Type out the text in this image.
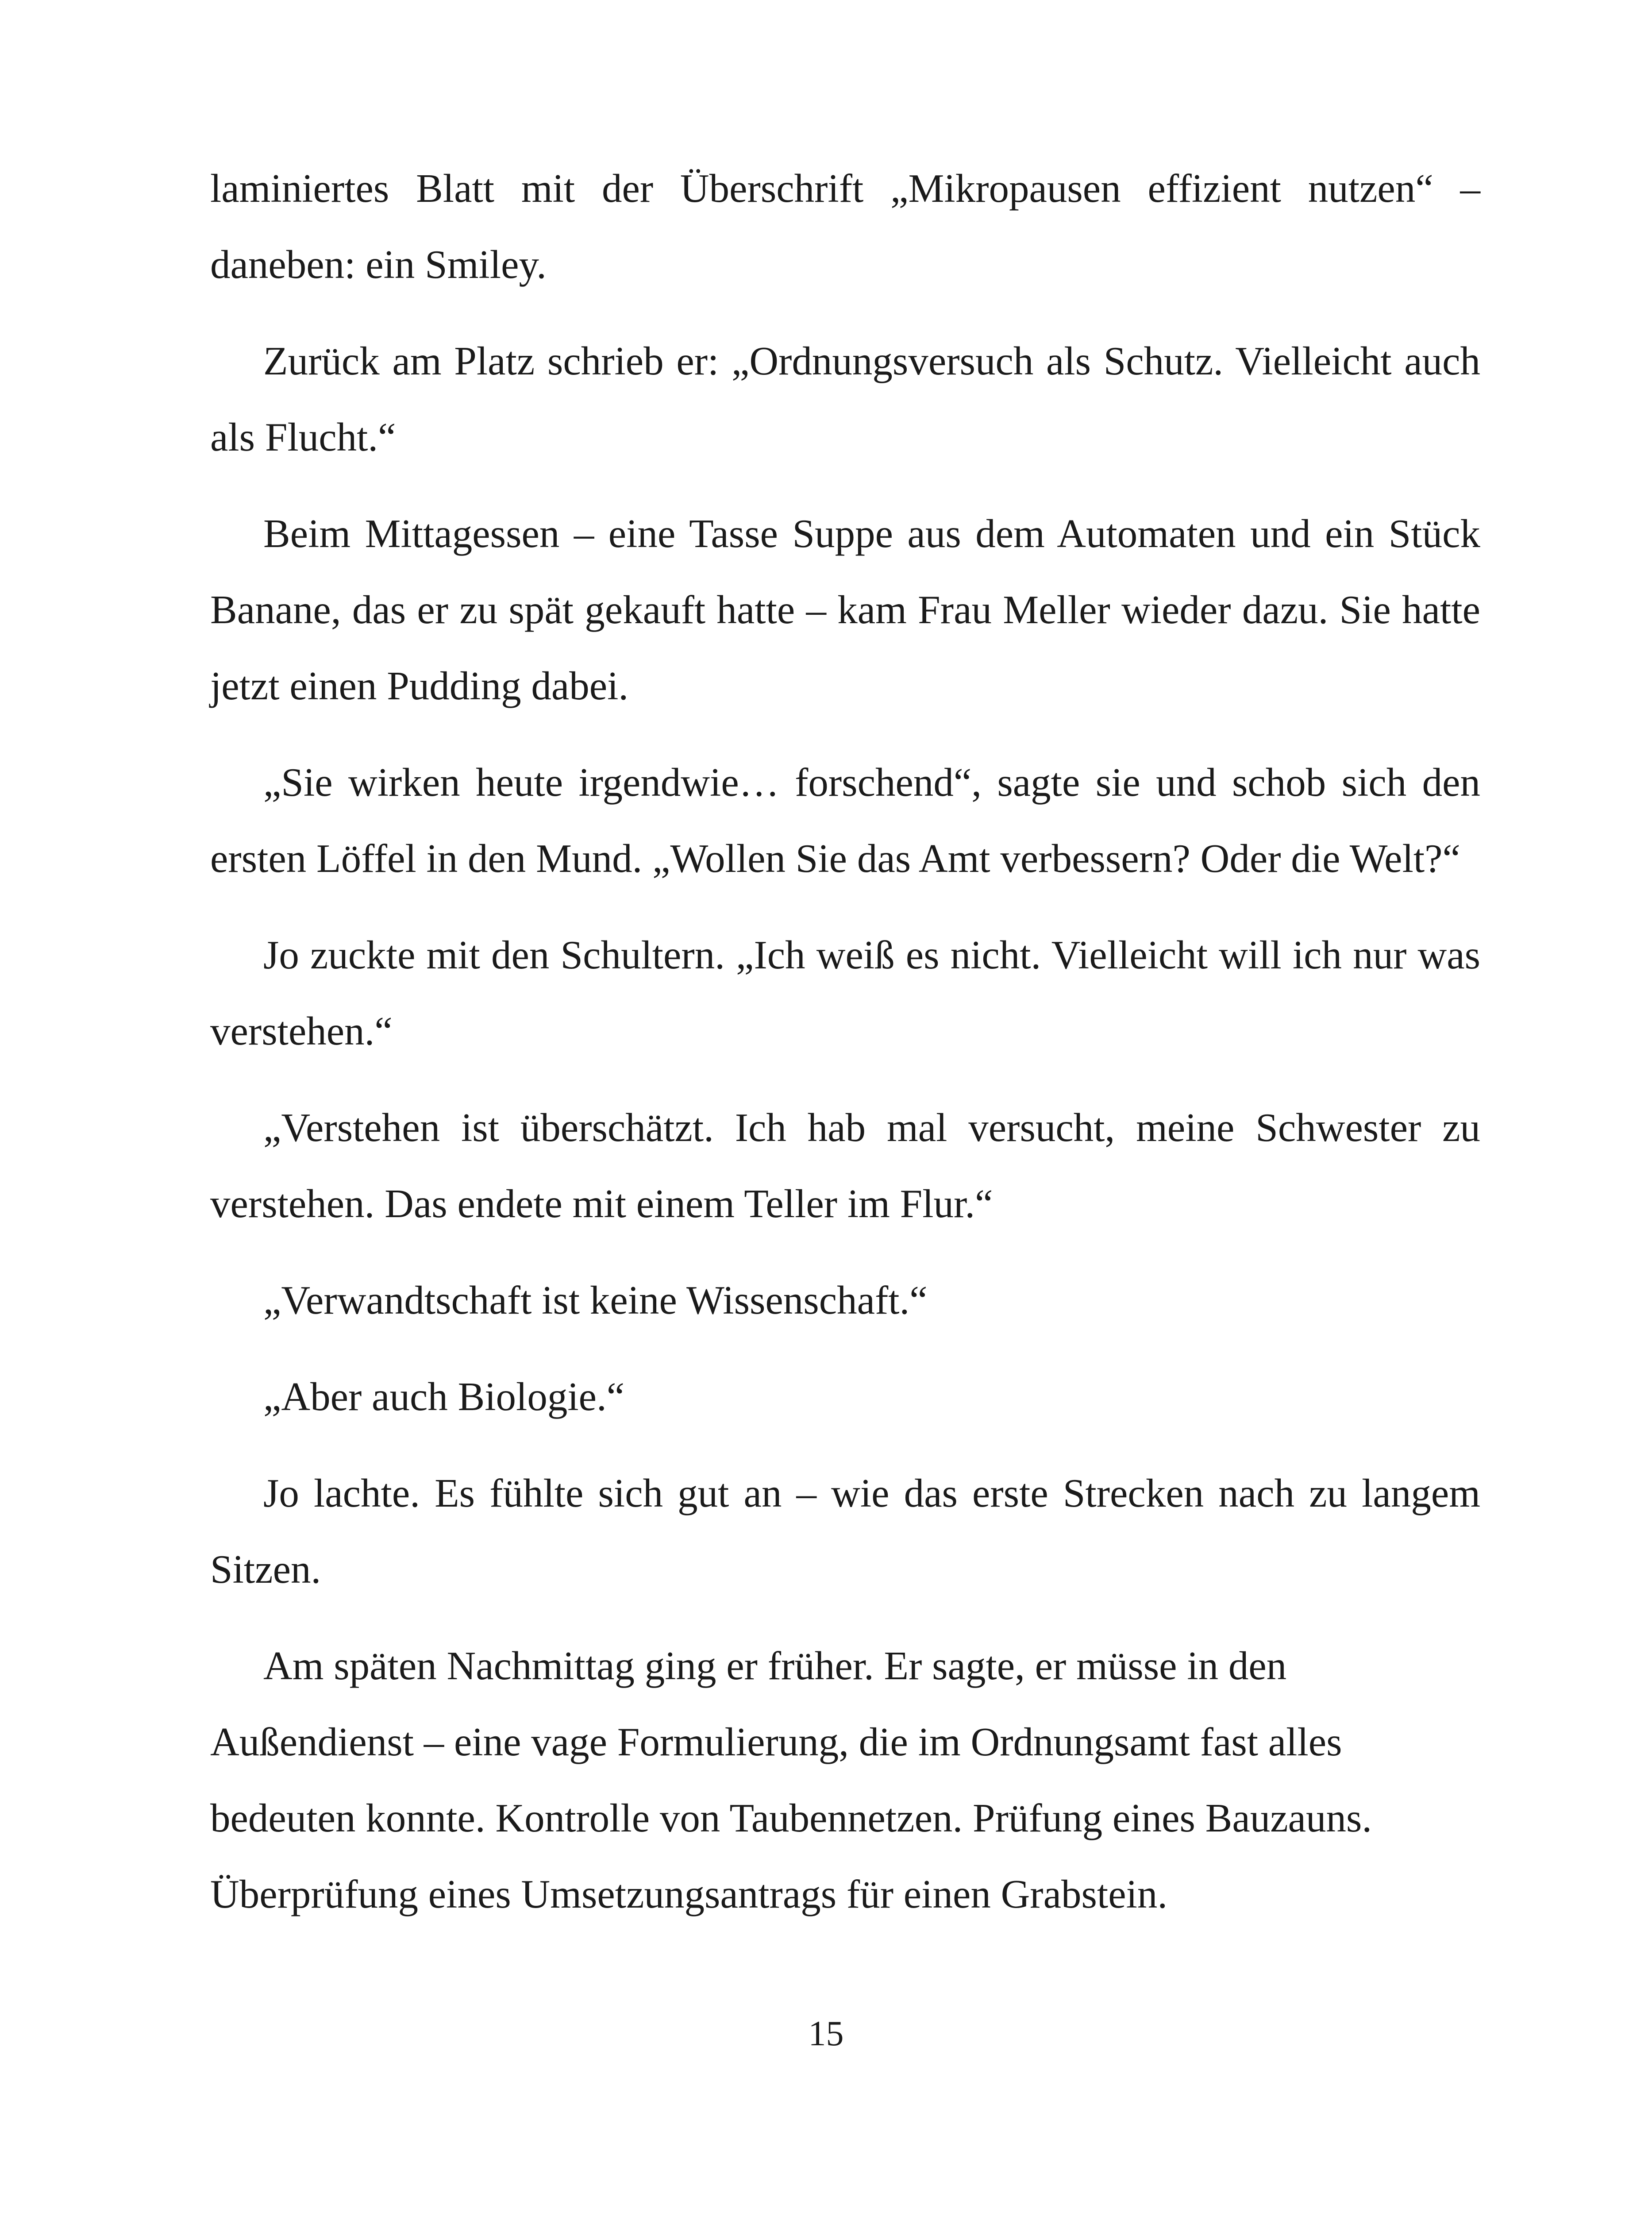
laminiertes Blatt mit der Überschrift „Mikropausen effizient nutzen“ – daneben: ein Smiley.

Zurück am Platz schrieb er: „Ordnungsversuch als Schutz. Vielleicht auch als Flucht.“

Beim Mittagessen – eine Tasse Suppe aus dem Automaten und ein Stück Banane, das er zu spät gekauft hatte – kam Frau Meller wieder dazu. Sie hatte jetzt einen Pudding dabei.

„Sie wirken heute irgendwie… forschend“, sagte sie und schob sich den ersten Löffel in den Mund. „Wollen Sie das Amt verbessern? Oder die Welt?“

Jo zuckte mit den Schultern. „Ich weiß es nicht. Vielleicht will ich nur was verstehen.“

„Verstehen ist überschätzt. Ich hab mal versucht, meine Schwester zu verstehen. Das endete mit einem Teller im Flur.“

„Verwandtschaft ist keine Wissenschaft.“

„Aber auch Biologie.“

Jo lachte. Es fühlte sich gut an – wie das erste Strecken nach zu langem Sitzen.

Am späten Nachmittag ging er früher. Er sagte, er müsse in den Außendienst – eine vage Formulierung, die im Ordnungsamt fast alles bedeuten konnte. Kontrolle von Taubennetzen. Prüfung eines Bauzauns. Überprüfung eines Umsetzungsantrags für einen Grabstein.

15
